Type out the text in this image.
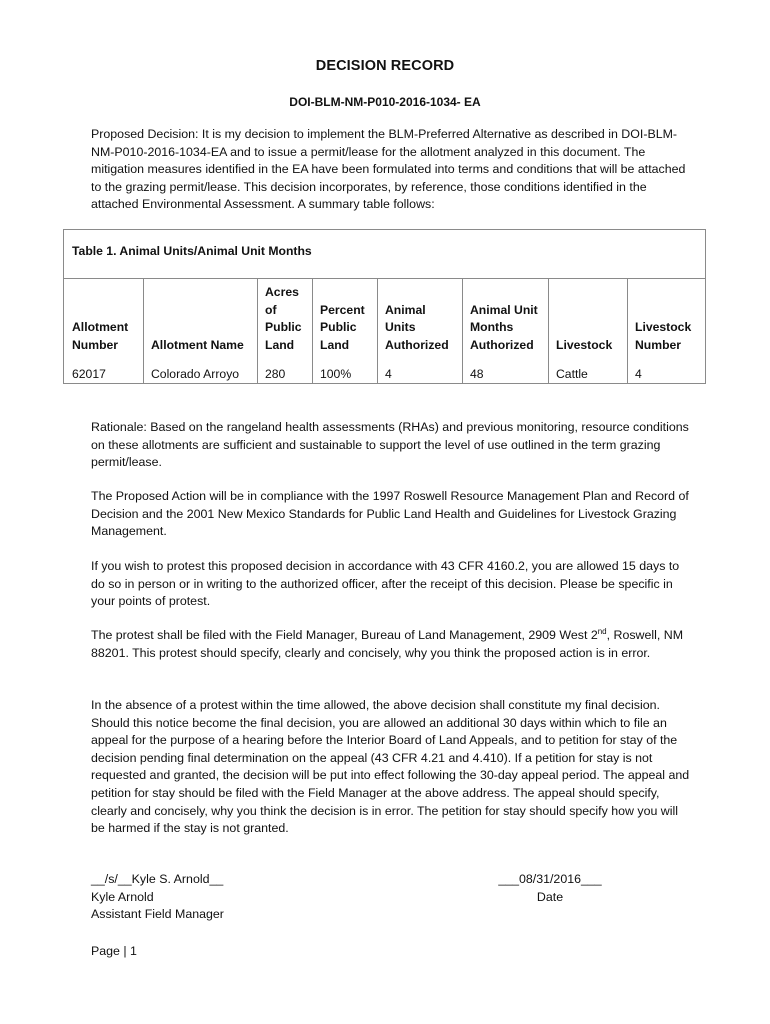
DECISION RECORD
DOI-BLM-NM-P010-2016-1034- EA

Proposed Decision: It is my decision to implement the BLM-Preferred Alternative as described in DOI-BLM-NM-P010-2016-1034-EA and to issue a permit/lease for the allotment analyzed in this document. The mitigation measures identified in the EA have been formulated into terms and conditions that will be attached to the grazing permit/lease. This decision incorporates, by reference, those conditions identified in the attached Environmental Assessment. A summary table follows:

Table 1. Animal Units/Animal Unit Months
Allotment
Number
62017
Allotment Name
Colorado Arroyo
Acres
of
Public
Land
280
Percent
Public
Land
100%
Animal
Units
Authorized
4
Animal Unit
Months
Authorized
48
Livestock
Cattle
Livestock
Number
4

Rationale: Based on the rangeland health assessments (RHAs) and previous monitoring, resource conditions on these allotments are sufficient and sustainable to support the level of use outlined in the term grazing permit/lease.

The Proposed Action will be in compliance with the 1997 Roswell Resource Management Plan and Record of Decision and the 2001 New Mexico Standards for Public Land Health and Guidelines for Livestock Grazing Management.

If you wish to protest this proposed decision in accordance with 43 CFR 4160.2, you are allowed 15 days to do so in person or in writing to the authorized officer, after the receipt of this decision. Please be specific in your points of protest.

The protest shall be filed with the Field Manager, Bureau of Land Management, 2909 West 2nd, Roswell, NM 88201. This protest should specify, clearly and concisely, why you think the proposed action is in error.

In the absence of a protest within the time allowed, the above decision shall constitute my final decision. Should this notice become the final decision, you are allowed an additional 30 days within which to file an appeal for the purpose of a hearing before the Interior Board of Land Appeals, and to petition for stay of the decision pending final determination on the appeal (43 CFR 4.21 and 4.410). If a petition for stay is not requested and granted, the decision will be put into effect following the 30-day appeal period. The appeal and petition for stay should be filed with the Field Manager at the above address. The appeal should specify, clearly and concisely, why you think the decision is in error. The petition for stay should specify how you will be harmed if the stay is not granted.

__/s/__Kyle S. Arnold__
Kyle Arnold
Assistant Field Manager
___08/31/2016___
Date
Page | 1
